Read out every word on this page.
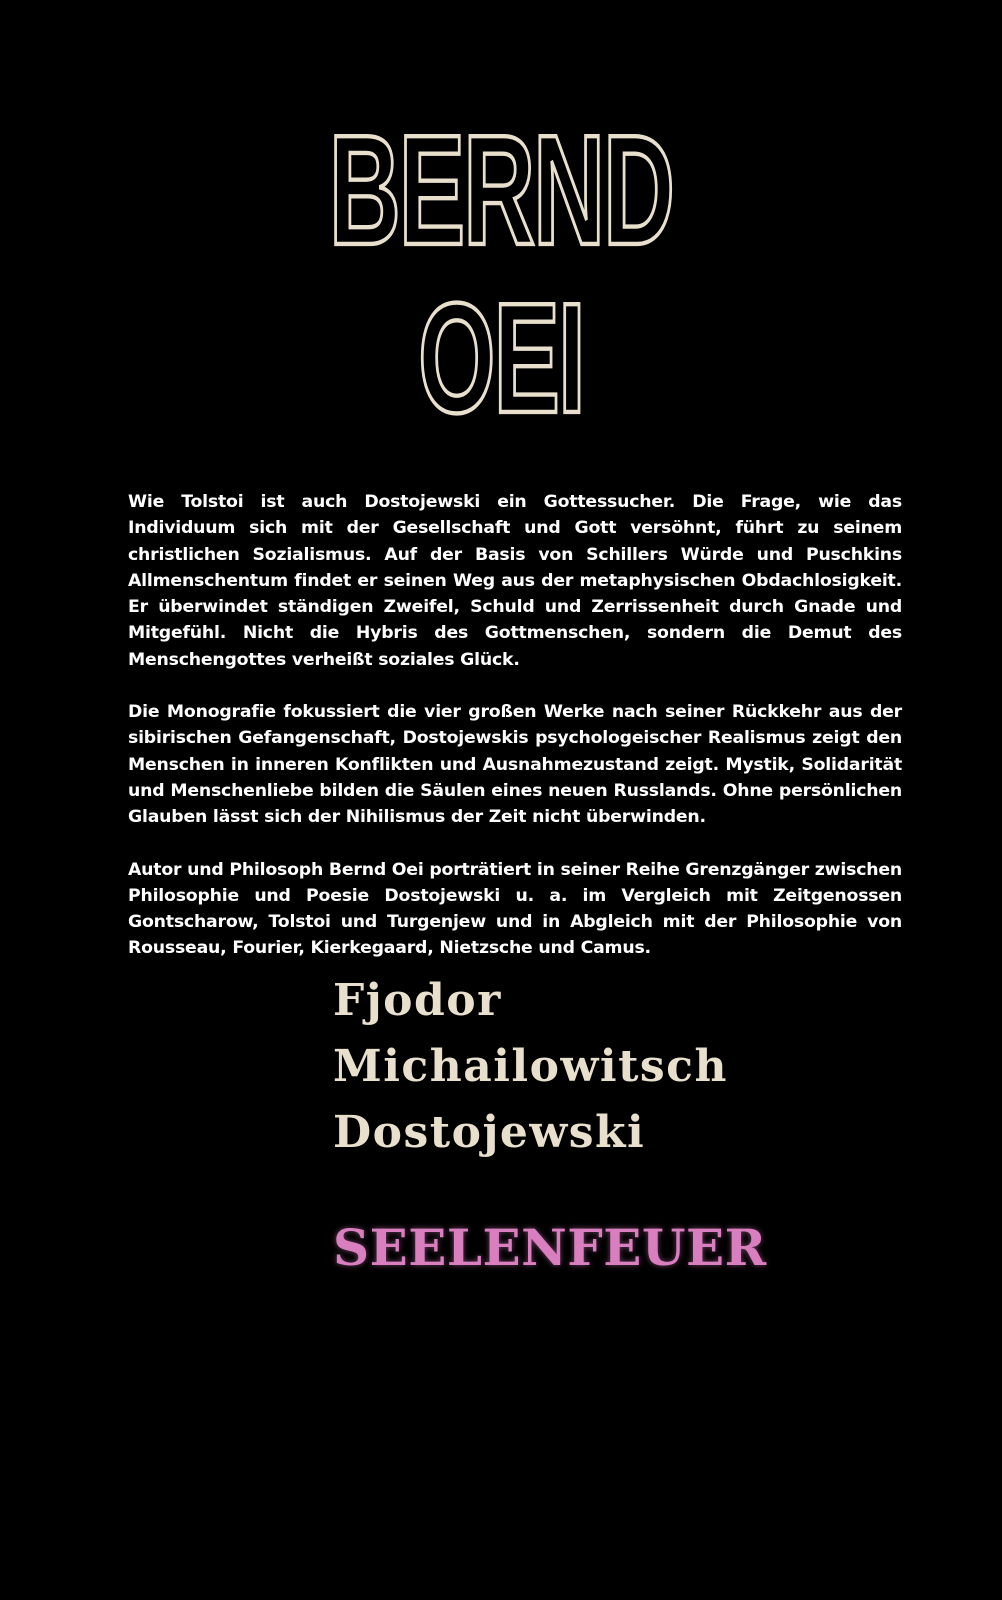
BERND
OEI

Wie Tolstoi ist auch Dostojewski ein Gottessucher. Die Frage, wie das Individuum sich mit der Gesellschaft und Gott versöhnt, führt zu seinem christlichen Sozialismus. Auf der Basis von Schillers Würde und Puschkins Allmenschentum findet er seinen Weg aus der metaphysischen Obdachlosigkeit. Er überwindet ständigen Zweifel, Schuld und Zerrissenheit durch Gnade und Mitgefühl. Nicht die Hybris des Gottmenschen, sondern die Demut des Menschengottes verheißt soziales Glück.

Die Monografie fokussiert die vier großen Werke nach seiner Rückkehr aus der sibirischen Gefangenschaft, Dostojewskis psychologeischer Realismus zeigt den Menschen in inneren Konflikten und Ausnahmezustand zeigt. Mystik, Solidarität und Menschenliebe bilden die Säulen eines neuen Russlands. Ohne persönlichen Glauben lässt sich der Nihilismus der Zeit nicht überwinden.

Autor und Philosoph Bernd Oei porträtiert in seiner Reihe Grenzgänger zwischen Philosophie und Poesie Dostojewski u. a. im Vergleich mit Zeitgenossen Gontscharow, Tolstoi und Turgenjew und in Abgleich mit der Philosophie von Rousseau, Fourier, Kierkegaard, Nietzsche und Camus.

Fjodor
Michailowitsch
Dostojewski
SEELENFEUER
